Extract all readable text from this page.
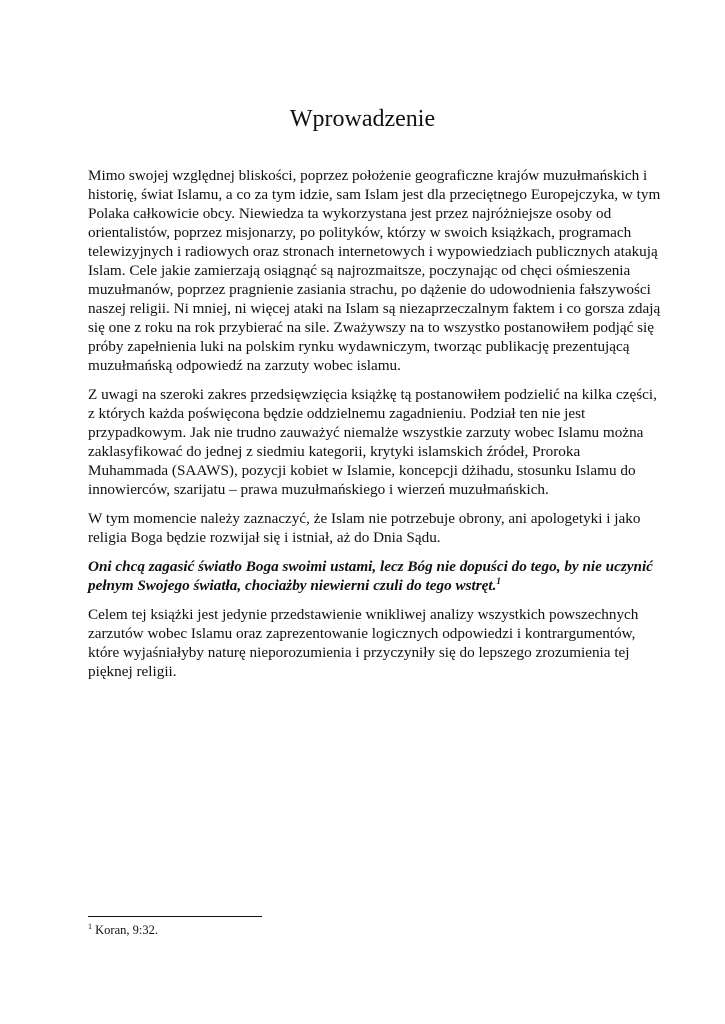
Wprowadzenie

Mimo swojej względnej bliskości, poprzez położenie geograficzne krajów muzułmańskich i
historię, świat Islamu, a co za tym idzie, sam Islam jest dla przeciętnego Europejczyka, w tym
Polaka całkowicie obcy. Niewiedza ta wykorzystana jest przez najróżniejsze osoby od
orientalistów, poprzez misjonarzy, po polityków, którzy w swoich książkach, programach
telewizyjnych i radiowych oraz stronach internetowych i wypowiedziach publicznych atakują
Islam. Cele jakie zamierzają osiągnąć są najrozmaitsze, poczynając od chęci ośmieszenia
muzułmanów, poprzez pragnienie zasiania strachu, po dążenie do udowodnienia fałszywości
naszej religii. Ni mniej, ni więcej ataki na Islam są niezaprzeczalnym faktem i co gorsza zdają
się one z roku na rok przybierać na sile. Zważywszy na to wszystko postanowiłem podjąć się
próby zapełnienia luki na polskim rynku wydawniczym, tworząc publikację prezentującą
muzułmańską odpowiedź na zarzuty wobec islamu.

Z uwagi na szeroki zakres przedsięwzięcia książkę tą postanowiłem podzielić na kilka części,
z których każda poświęcona będzie oddzielnemu zagadnieniu. Podział ten nie jest
przypadkowym. Jak nie trudno zauważyć niemalże wszystkie zarzuty wobec Islamu można
zaklasyfikować do jednej z siedmiu kategorii, krytyki islamskich źródeł, Proroka
Muhammada (SAAWS), pozycji kobiet w Islamie, koncepcji dżihadu, stosunku Islamu do
innowierców, szarijatu – prawa muzułmańskiego i wierzeń muzułmańskich.

W tym momencie należy zaznaczyć, że Islam nie potrzebuje obrony, ani apologetyki i jako
religia Boga będzie rozwijał się i istniał, aż do Dnia Sądu.

Oni chcą zagasić światło Boga swoimi ustami, lecz Bóg nie dopuści do tego, by nie uczynić
pełnym Swojego światła, chociażby niewierni czuli do tego wstręt.$^1$

Celem tej książki jest jedynie przedstawienie wnikliwej analizy wszystkich powszechnych
zarzutów wobec Islamu oraz zaprezentowanie logicznych odpowiedzi i kontrargumentów,
które wyjaśniałyby naturę nieporozumienia i przyczyniły się do lepszego zrozumienia tej
pięknej religii.

$^1$ Koran, 9:32.
